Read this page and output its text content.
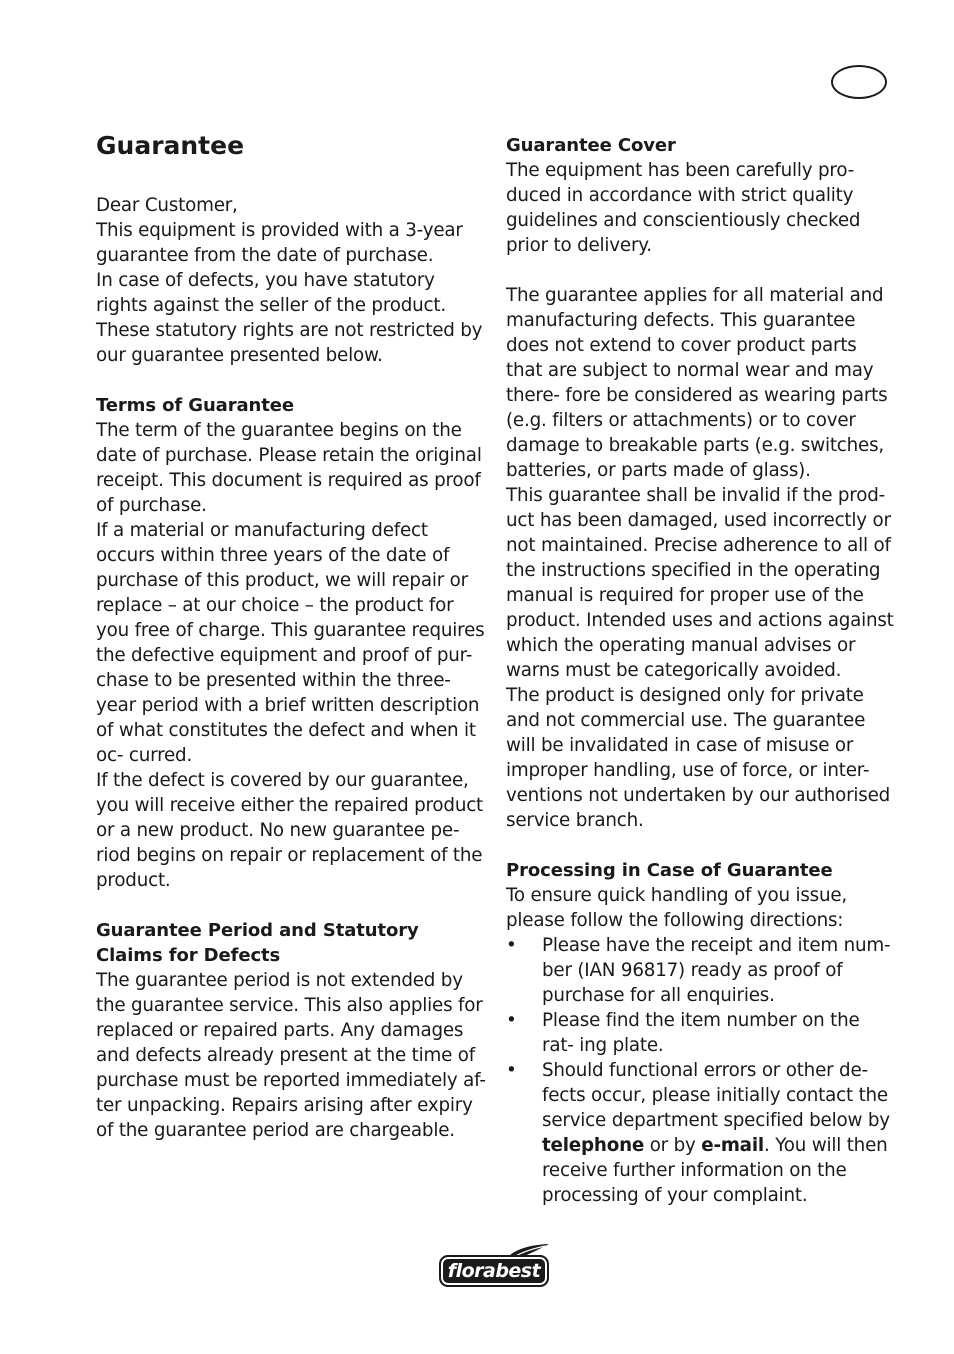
Guarantee

Dear Customer,

This equipment is provided with a 3-year guarantee from the date of purchase.

In case of defects, you have statutory rights against the seller of the product. These statutory rights are not restricted by our guarantee presented below.

Terms of Guarantee

The term of the guarantee begins on the date of purchase. Please retain the original receipt. This document is required as proof of purchase.

If a material or manufacturing defect occurs within three years of the date of purchase of this product, we will repair or replace – at our choice – the product for you free of charge. This guarantee requires the defective equipment and proof of pur- chase to be presented within the three-year period with a brief written description of what constitutes the defect and when it oc- curred.

If the defect is covered by our guarantee, you will receive either the repaired product or a new product. No new guarantee pe- riod begins on repair or replacement of the product.

Guarantee Period and Statutory Claims for Defects

The guarantee period is not extended by the guarantee service. This also applies for replaced or repaired parts. Any damages and defects already present at the time of purchase must be reported immediately af- ter unpacking. Repairs arising after expiry of the guarantee period are chargeable.

Guarantee Cover

The equipment has been carefully pro- duced in accordance with strict quality guidelines and conscientiously checked prior to delivery.

The guarantee applies for all material and manufacturing defects. This guarantee does not extend to cover product parts that are subject to normal wear and may there- fore be considered as wearing parts (e.g. filters or attachments) or to cover damage to breakable parts (e.g. switches, batteries, or parts made of glass).

This guarantee shall be invalid if the prod- uct has been damaged, used incorrectly or not maintained. Precise adherence to all of the instructions specified in the operating manual is required for proper use of the product. Intended uses and actions against which the operating manual advises or warns must be categorically avoided.

The product is designed only for private and not commercial use. The guarantee will be invalidated in case of misuse or improper handling, use of force, or inter- ventions not undertaken by our authorised service branch.

Processing in Case of Guarantee

To ensure quick handling of you issue, please follow the following directions:

• Please have the receipt and item num- ber (IAN 96817) ready as proof of purchase for all enquiries.
• Please find the item number on the rat- ing plate.
• Should functional errors or other de- fects occur, please initially contact the service department specified below by telephone or by e-mail. You will then receive further information on the processing of your complaint.
florabest
